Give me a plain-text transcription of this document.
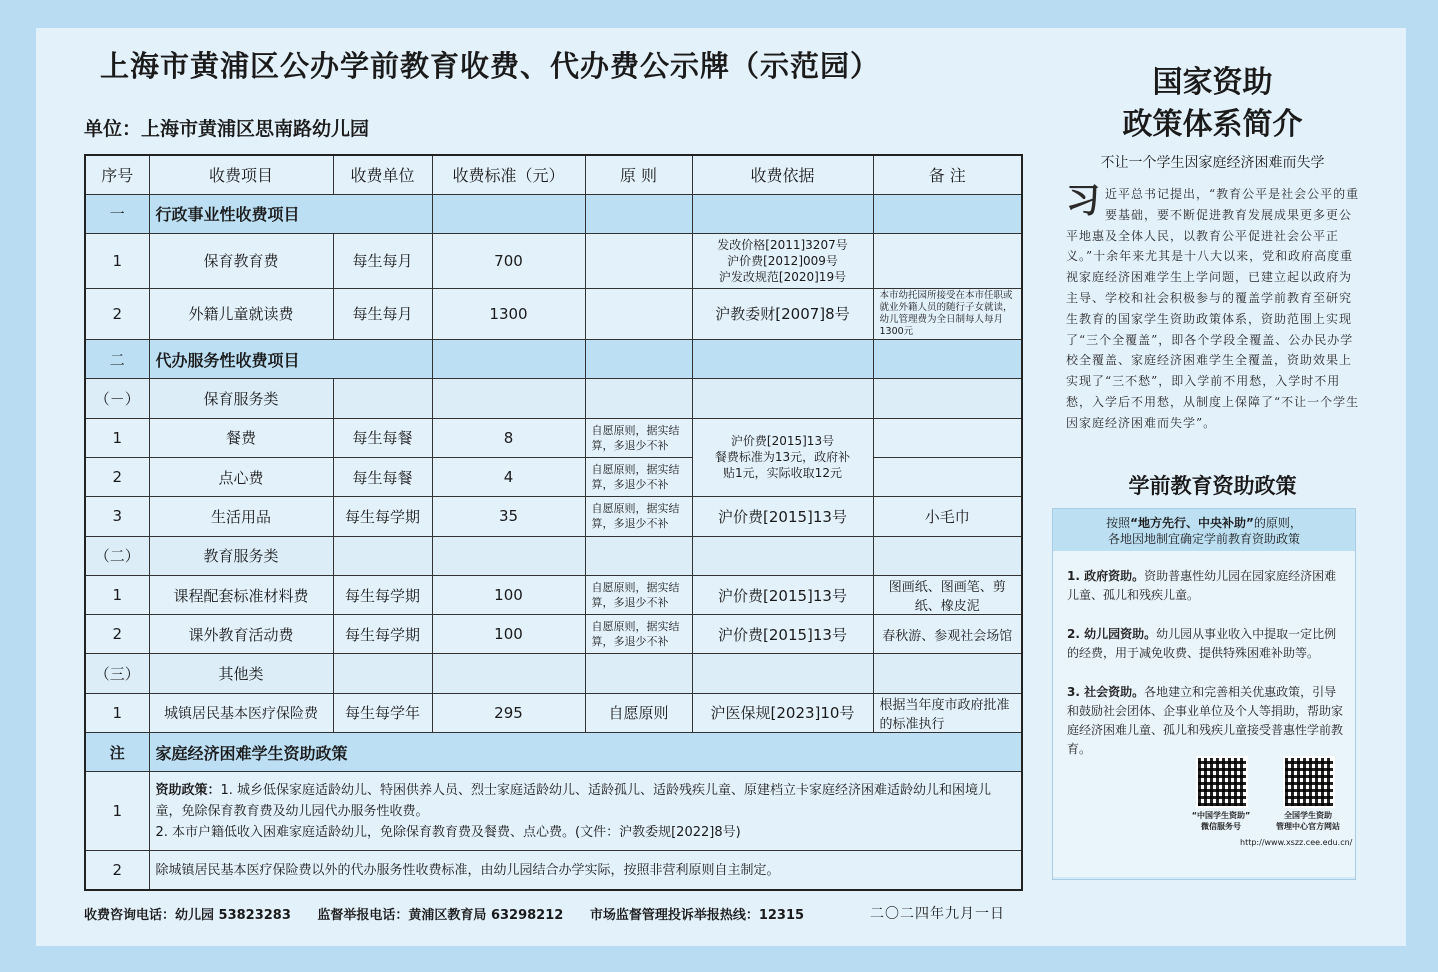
上海市黄浦区公办学前教育收费、代办费公示牌（示范园）
单位：上海市黄浦区思南路幼儿园
序号	收费项目	收费单位	收费标准（元）	原 则	收费依据	备 注
一	行政事业性收费项目					
1	保育教育费	每生每月	700		发改价格[2011]3207号
沪价费[2012]009号
沪发改规范[2020]19号	

2	外籍儿童就读费	每生每月	1300		沪教委财[2007]8号	本市幼托园所接受在本市任职或就业外籍人员的随行子女就读，幼儿管理费为全日制每人每月1300元
二	代办服务性收费项目					
（－）	保育服务类					
1	餐费	每生每餐	8	自愿原则，据实结算，多退少不补	沪价费[2015]13号
餐费标准为13元，政府补
贴1元，实际收取12元	

2	点心费	每生每餐	4	自愿原则，据实结算，多退少不补		
3	生活用品	每生每学期	35	自愿原则，据实结算，多退少不补	沪价费[2015]13号	小毛巾
（二）	教育服务类					
1	课程配套标准材料费	每生每学期	100	自愿原则，据实结算，多退少不补	沪价费[2015]13号	图画纸、图画笔、剪纸、橡皮泥
2	课外教育活动费	每生每学期	100	自愿原则，据实结算，多退少不补	沪价费[2015]13号	春秋游、参观社会场馆
（三）	其他类					
1	城镇居民基本医疗保险费	每生每学年	295	自愿原则	沪医保规[2023]10号	根据当年度市政府批准的标准执行
注	家庭经济困难学生资助政策					
1	资助政策：1. 城乡低保家庭适龄幼儿、特困供养人员、烈士家庭适龄幼儿、适龄孤儿、适龄残疾儿童、原建档立卡家庭经济困难适龄幼儿和困境儿童，免除保育教育费及幼儿园代办服务性收费。
2. 本市户籍低收入困难家庭适龄幼儿，免除保育教育费及餐费、点心费。(文件：沪教委规[2022]8号)					
2	除城镇居民基本医疗保险费以外的代办服务性收费标准，由幼儿园结合办学实际，按照非营利原则自主制定。					
收费咨询电话：幼儿园 53823283 监督举报电话：黄浦区教育局 63298212 市场监督管理投诉举报热线：12315	二〇二四年九月一日
国家资助
政策体系简介
不让一个学生因家庭经济困难而失学
习近平总书记提出，“教育公平是社会公平的重要基础，要不断促进教育发展成果更多更公平地惠及全体人民，以教育公平促进社会公平正义。”十余年来尤其是十八大以来，党和政府高度重视家庭经济困难学生上学问题，已建立起以政府为主导、学校和社会积极参与的覆盖学前教育至研究生教育的国家学生资助政策体系，资助范围上实现了“三个全覆盖”，即各个学段全覆盖、公办民办学校全覆盖、家庭经济困难学生全覆盖，资助效果上实现了“三不愁”，即入学前不用愁，入学时不用愁，入学后不用愁，从制度上保障了“不让一个学生因家庭经济困难而失学”。
学前教育资助政策
按照“地方先行、中央补助”的原则，
各地因地制宜确定学前教育资助政策
1. 政府资助。资助普惠性幼儿园在园家庭经济困难儿童、孤儿和残疾儿童。
2. 幼儿园资助。幼儿园从事业收入中提取一定比例的经费，用于减免收费、提供特殊困难补助等。
3. 社会资助。各地建立和完善相关优惠政策，引导和鼓励社会团体、企事业单位及个人等捐助，帮助家庭经济困难儿童、孤儿和残疾儿童接受普惠性学前教育。
“中国学生资助”
微信服务号
全国学生资助
管理中心官方网站
http://www.xszz.cee.edu.cn/
